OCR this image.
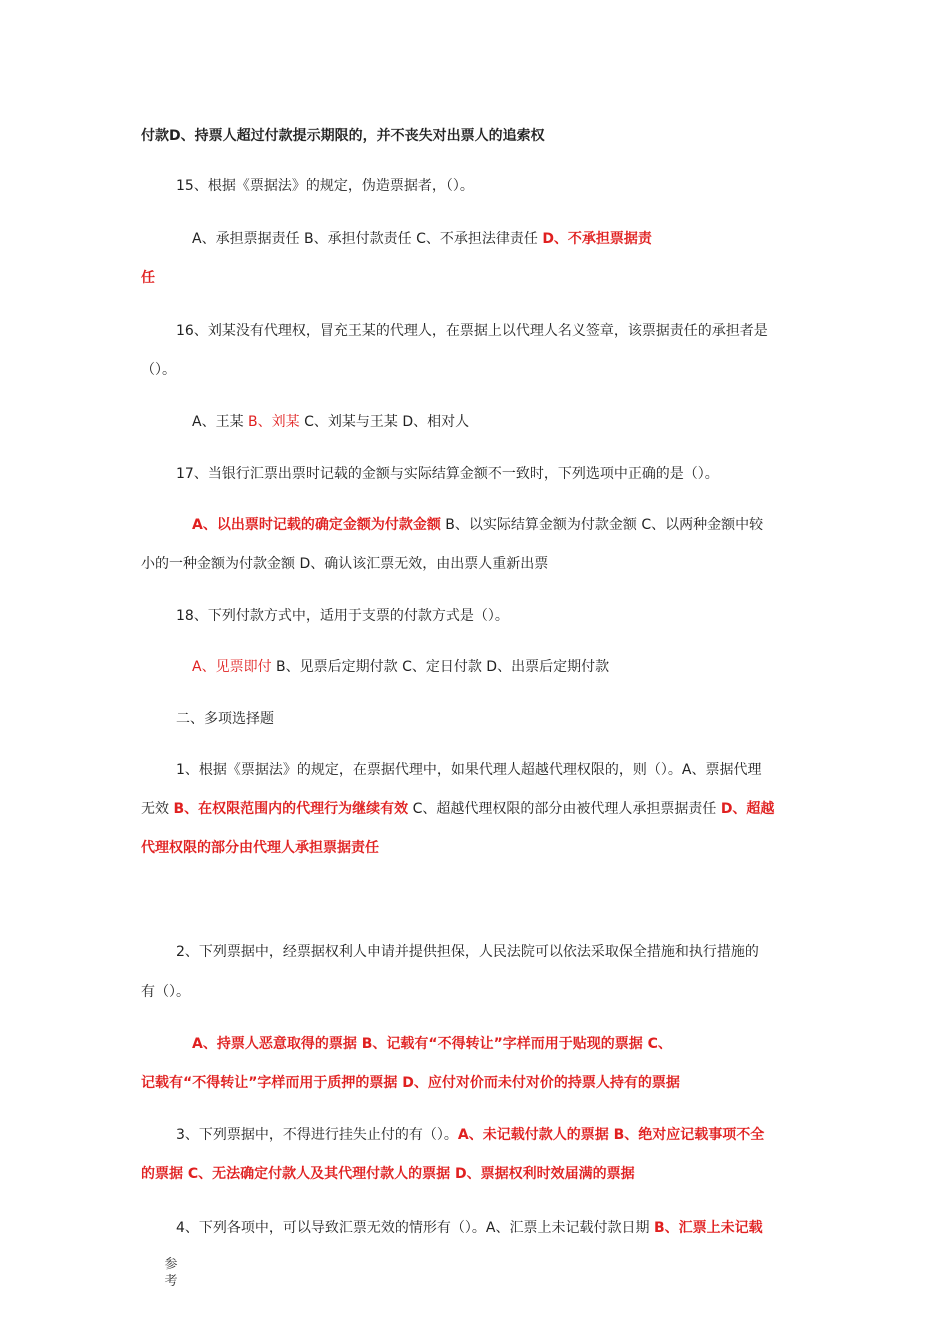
付款D、持票人超过付款提示期限的，并不丧失对出票人的追索权
15、根据《票据法》的规定，伪造票据者，（）。
A、承担票据责任 B、承担付款责任 C、不承担法律责任 D、不承担票据责
任
16、刘某没有代理权，冒充王某的代理人，在票据上以代理人名义签章，该票据责任的承担者是
（）。
A、王某 B、刘某 C、刘某与王某 D、相对人
17、当银行汇票出票时记载的金额与实际结算金额不一致时，下列选项中正确的是（）。
A、以出票时记载的确定金额为付款金额 B、以实际结算金额为付款金额 C、以两种金额中较
小的一种金额为付款金额 D、确认该汇票无效，由出票人重新出票
18、下列付款方式中，适用于支票的付款方式是（）。
A、见票即付 B、见票后定期付款 C、定日付款 D、出票后定期付款
二、多项选择题
1、根据《票据法》的规定，在票据代理中，如果代理人超越代理权限的，则（）。A、票据代理
无效 B、在权限范围内的代理行为继续有效 C、超越代理权限的部分由被代理人承担票据责任 D、超越
代理权限的部分由代理人承担票据责任
2、下列票据中，经票据权利人申请并提供担保，人民法院可以依法采取保全措施和执行措施的
有（）。
A、持票人恶意取得的票据 B、记载有“不得转让”字样而用于贴现的票据 C、
记载有“不得转让”字样而用于质押的票据 D、应付对价而未付对价的持票人持有的票据
3、下列票据中，不得进行挂失止付的有（）。A、未记载付款人的票据 B、绝对应记载事项不全
的票据 C、无法确定付款人及其代理付款人的票据 D、票据权利时效届满的票据
4、下列各项中，可以导致汇票无效的情形有（）。A、汇票上未记载付款日期 B、汇票上未记载
参
考
